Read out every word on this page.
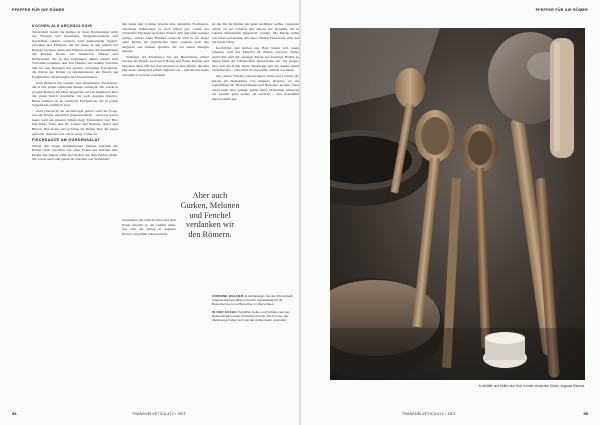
PFEFFER FÜR DIE RÖMER	PFEFFER FÜR DIE RÖMER
KOCHEN ALS ARCHÄOLOGIE

Tatsächlich lassen die Römer in ihren Eroberungen nicht nur Strassen und Aquädukte, Siegesmonumente und Inschriften zurück, sondern auch kulinarische Spuren: Gewürze und Pflanzen, die bis heute in den Gärten der Region wachsen. Wein und Walnuss zeigen die Ausdehnung des Reiches ebenso wie Amphoren, Mörser und Reibschalen, die in den Grabungen immer wieder zum Vorschein kommen. Aus den Funden, aus antiken Schriften und aus den Rezepten des Apicius versuchen Forschende, die Küche der Römer zu rekonstruieren: ein Puzzle aus Fragmenten, Vermutungen und Experimenten.

Zum Beispiel das Garum, eine fermentierte Fischsauce, die in fast jedem römischen Rezept auftaucht. Sie wurde in grossen Becken am Meer hergestellt und in Amphoren über das ganze Reich verschickt, bis nach Augusta Raurica. Heute erinnert sie an asiatische Fischsaucen, die in jedem Supermarkt erhältlich sind.

Zum Unterricht der Archäologin gehört auch die Frage, was die Römer eigentlich gegessen haben – und was davon heute noch auf unseren Tellern liegt. Erstaunlich viel: Brot und Käse, Wein und Öl, Linsen und Bohnen, Äpfel und Birnen. Das meiste davon haben die Römer über die Alpen gebracht, manches war schon lange vorher da.

FISCHSAUCE AM GURKENSALAT

Neben den vielen einheimischen Zutaten brachten die Römer auch Gewürze aus allen Ecken des Reiches mit: Pfeffer aus Indien, Zimt und Nelken aus dem Fernen Osten. Sie waren teuer und galten als Zeichen von Wohlstand.

den Anna und Corinne jeweils eine asiatische Fischsauce, allerdings funktioniert es auch gleich gut: «Viele der römischen Fischsaucen haben Zucker drin und sind weniger salzig», erklärt Anna Brunner. Gekocht wird in der Regel ohne Rezept im eigentlichen Sinn, sondern nach den Angaben aus antiken Quellen, die nur selten Mengen nennen.

Während der Fischsauce bei der Herstellung erhitzt werden die Römer auch noch Honig und Essig, Kräuter und Gewürze dazu. Mit der Zeit entstand so eine Küche, die süss und sauer, salzig und scharf zugleich war – und die uns heute erstaunlich vertraut vorkommt.

Zusammen mit dem Kochen und dem Essen entsteht so ein Gefühl dafür, wie sich der Alltag in Augusta Raurica angefühlt haben könnte.

Aber auch Gurken, Melonen und Fenchel verdanken wir den Römern.

ist das für die Römer ein ganz wichtiges Gefäss. Gegessen wurde oft aus Schalen und Tellern aus Keramik, die in lokalen Werkstätten hergestellt wurden. Die Küche selbst war klein und dunkel, mit einer offenen Feuerstelle, über der ein Kessel hing.

Kochlöffel und Kellen aus Holz haben sich kaum erhalten, weil das Material im Boden verrottet. Umso wertvoller sind die wenigen Funde aus feuchten Böden, in denen Holz die Jahrhunderte überstanden hat. Sie zeigen, dass sich die Form dieser Werkzeuge seit der Antike kaum verändert hat – ein Löffel ist ein Löffel, damals wie heute.

Aus diesen Funden rekonstruieren Anna und Corinne die Küche im Römerhaus von Augusta Raurica, wo sie regelmässig für Besucherinnen und Besucher kochen. Dass dabei nicht alles gelingt, gehört dazu. Manchmal schmeckt ein Gericht ganz anders als erwartet – und manchmal überraschend gut.

CORINNE WALDER ist Archäologin, bei der Römerstadt Augusta Raurica tätig und kocht regelmässig für die Besucherinnen und Besucher im Römerhaus.

IN DER KÜCHE Holzlöffel, Kellen und Schalen aus der Rekonstruktion einer römischen Küche. Die Formen der Werkzeuge haben sich seit der Antike kaum verändert.

Kochlöffel und Kellen aus Holz in einer römischen Küche, Augusta Raurica.
54	TRANSHELVETICA #72 / ZEIT	TRANSHELVETICA #72 / ZEIT	55
